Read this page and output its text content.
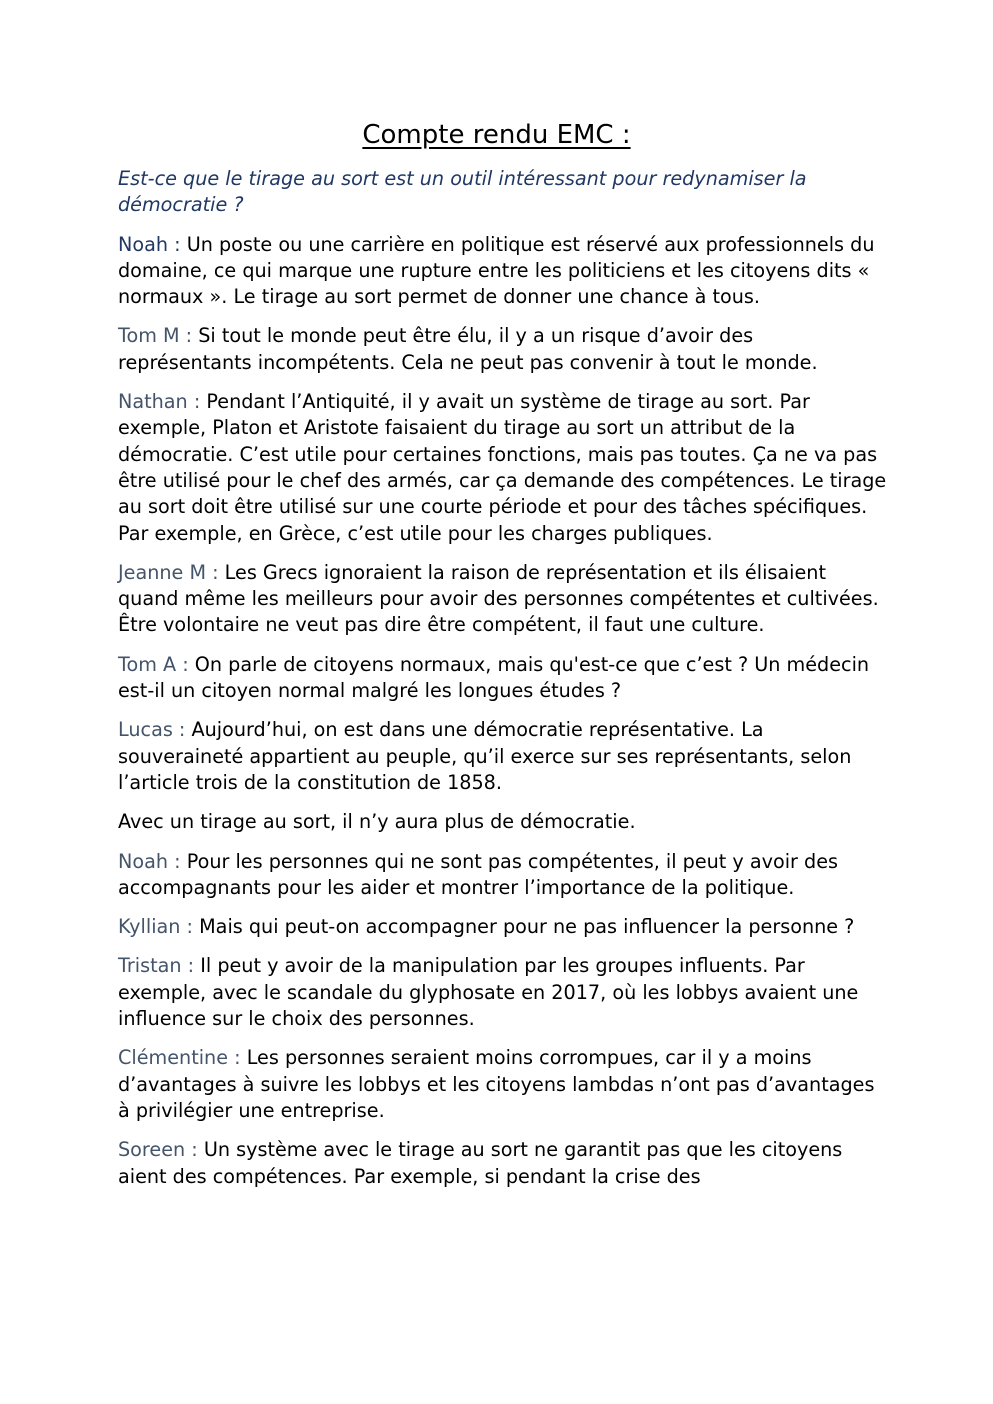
Compte rendu EMC :

Est-ce que le tirage au sort est un outil intéressant pour redynamiser la démocratie ?

Noah : Un poste ou une carrière en politique est réservé aux professionnels du domaine, ce qui marque une rupture entre les politiciens et les citoyens dits « normaux ». Le tirage au sort permet de donner une chance à tous.

Tom M : Si tout le monde peut être élu, il y a un risque d’avoir des représentants incompétents. Cela ne peut pas convenir à tout le monde.

Nathan : Pendant l’Antiquité, il y avait un système de tirage au sort. Par exemple, Platon et Aristote faisaient du tirage au sort un attribut de la démocratie. C’est utile pour certaines fonctions, mais pas toutes. Ça ne va pas être utilisé pour le chef des armés, car ça demande des compétences. Le tirage au sort doit être utilisé sur une courte période et pour des tâches spécifiques. Par exemple, en Grèce, c’est utile pour les charges publiques.

Jeanne M : Les Grecs ignoraient la raison de représentation et ils élisaient quand même les meilleurs pour avoir des personnes compétentes et cultivées. Être volontaire ne veut pas dire être compétent, il faut une culture.

Tom A : On parle de citoyens normaux, mais qu'est-ce que c’est ? Un médecin est-il un citoyen normal malgré les longues études ?

Lucas : Aujourd’hui, on est dans une démocratie représentative. La souveraineté appartient au peuple, qu’il exerce sur ses représentants, selon l’article trois de la constitution de 1858.

Avec un tirage au sort, il n’y aura plus de démocratie.

Noah : Pour les personnes qui ne sont pas compétentes, il peut y avoir des accompagnants pour les aider et montrer l’importance de la politique.

Kyllian : Mais qui peut-on accompagner pour ne pas influencer la personne ?

Tristan : Il peut y avoir de la manipulation par les groupes influents. Par exemple, avec le scandale du glyphosate en 2017, où les lobbys avaient une influence sur le choix des personnes.

Clémentine : Les personnes seraient moins corrompues, car il y a moins d’avantages à suivre les lobbys et les citoyens lambdas n’ont pas d’avantages à privilégier une entreprise.

Soreen : Un système avec le tirage au sort ne garantit pas que les citoyens aient des compétences. Par exemple, si pendant la crise des
